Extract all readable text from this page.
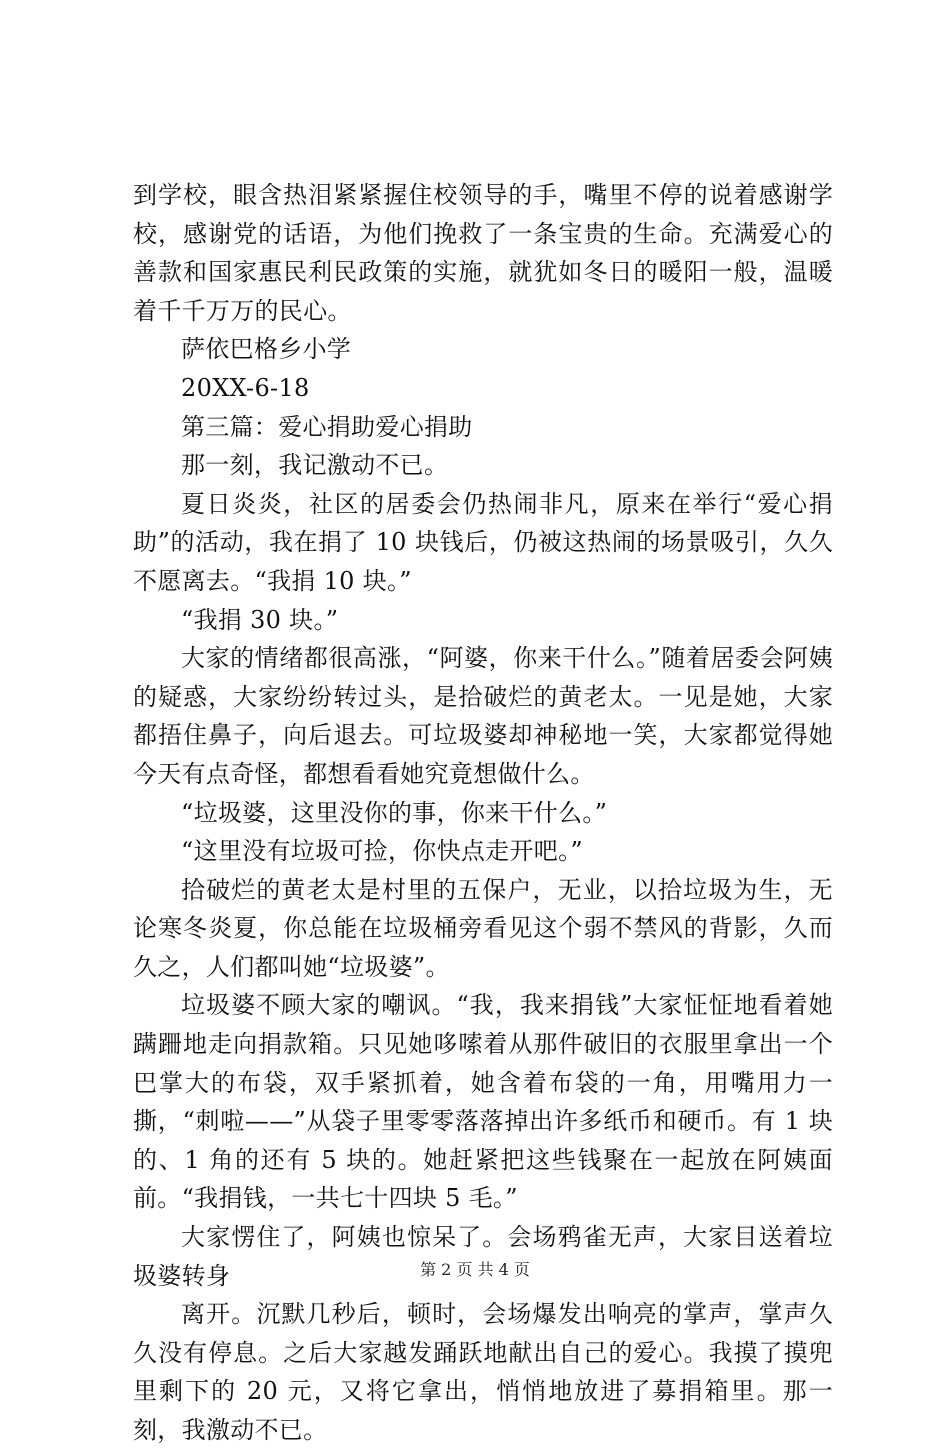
到学校，眼含热泪紧紧握住校领导的手，嘴里不停的说着感谢学校，感谢党的话语，为他们挽救了一条宝贵的生命。充满爱心的善款和国家惠民利民政策的实施，就犹如冬日的暖阳一般，温暖着千千万万的民心。

萨依巴格乡小学

20XX-6-18

第三篇：爱心捐助爱心捐助

那一刻，我记激动不已。

夏日炎炎，社区的居委会仍热闹非凡，原来在举行“爱心捐助”的活动，我在捐了 10 块钱后，仍被这热闹的场景吸引，久久不愿离去。“我捐 10 块。”

“我捐 30 块。”

大家的情绪都很高涨，“阿婆，你来干什么。”随着居委会阿姨的疑惑，大家纷纷转过头，是拾破烂的黄老太。一见是她，大家都捂住鼻子，向后退去。可垃圾婆却神秘地一笑，大家都觉得她今天有点奇怪，都想看看她究竟想做什么。

“垃圾婆，这里没你的事，你来干什么。”

“这里没有垃圾可捡，你快点走开吧。”

拾破烂的黄老太是村里的五保户，无业，以拾垃圾为生，无论寒冬炎夏，你总能在垃圾桶旁看见这个弱不禁风的背影，久而久之，人们都叫她“垃圾婆”。

垃圾婆不顾大家的嘲讽。“我，我来捐钱”大家怔怔地看着她蹒跚地走向捐款箱。只见她哆嗦着从那件破旧的衣服里拿出一个巴掌大的布袋，双手紧抓着，她含着布袋的一角，用嘴用力一撕，“刺啦——”从袋子里零零落落掉出许多纸币和硬币。有 1 块的、1 角的还有 5 块的。她赶紧把这些钱聚在一起放在阿姨面前。“我捐钱，一共七十四块 5 毛。”

大家愣住了，阿姨也惊呆了。会场鸦雀无声，大家目送着垃圾婆转身

离开。沉默几秒后，顿时，会场爆发出响亮的掌声，掌声久久没有停息。之后大家越发踊跃地献出自己的爱心。我摸了摸兜里剩下的 20 元，又将它拿出，悄悄地放进了募捐箱里。那一刻，我激动不已。

第 2 页 共 4 页
